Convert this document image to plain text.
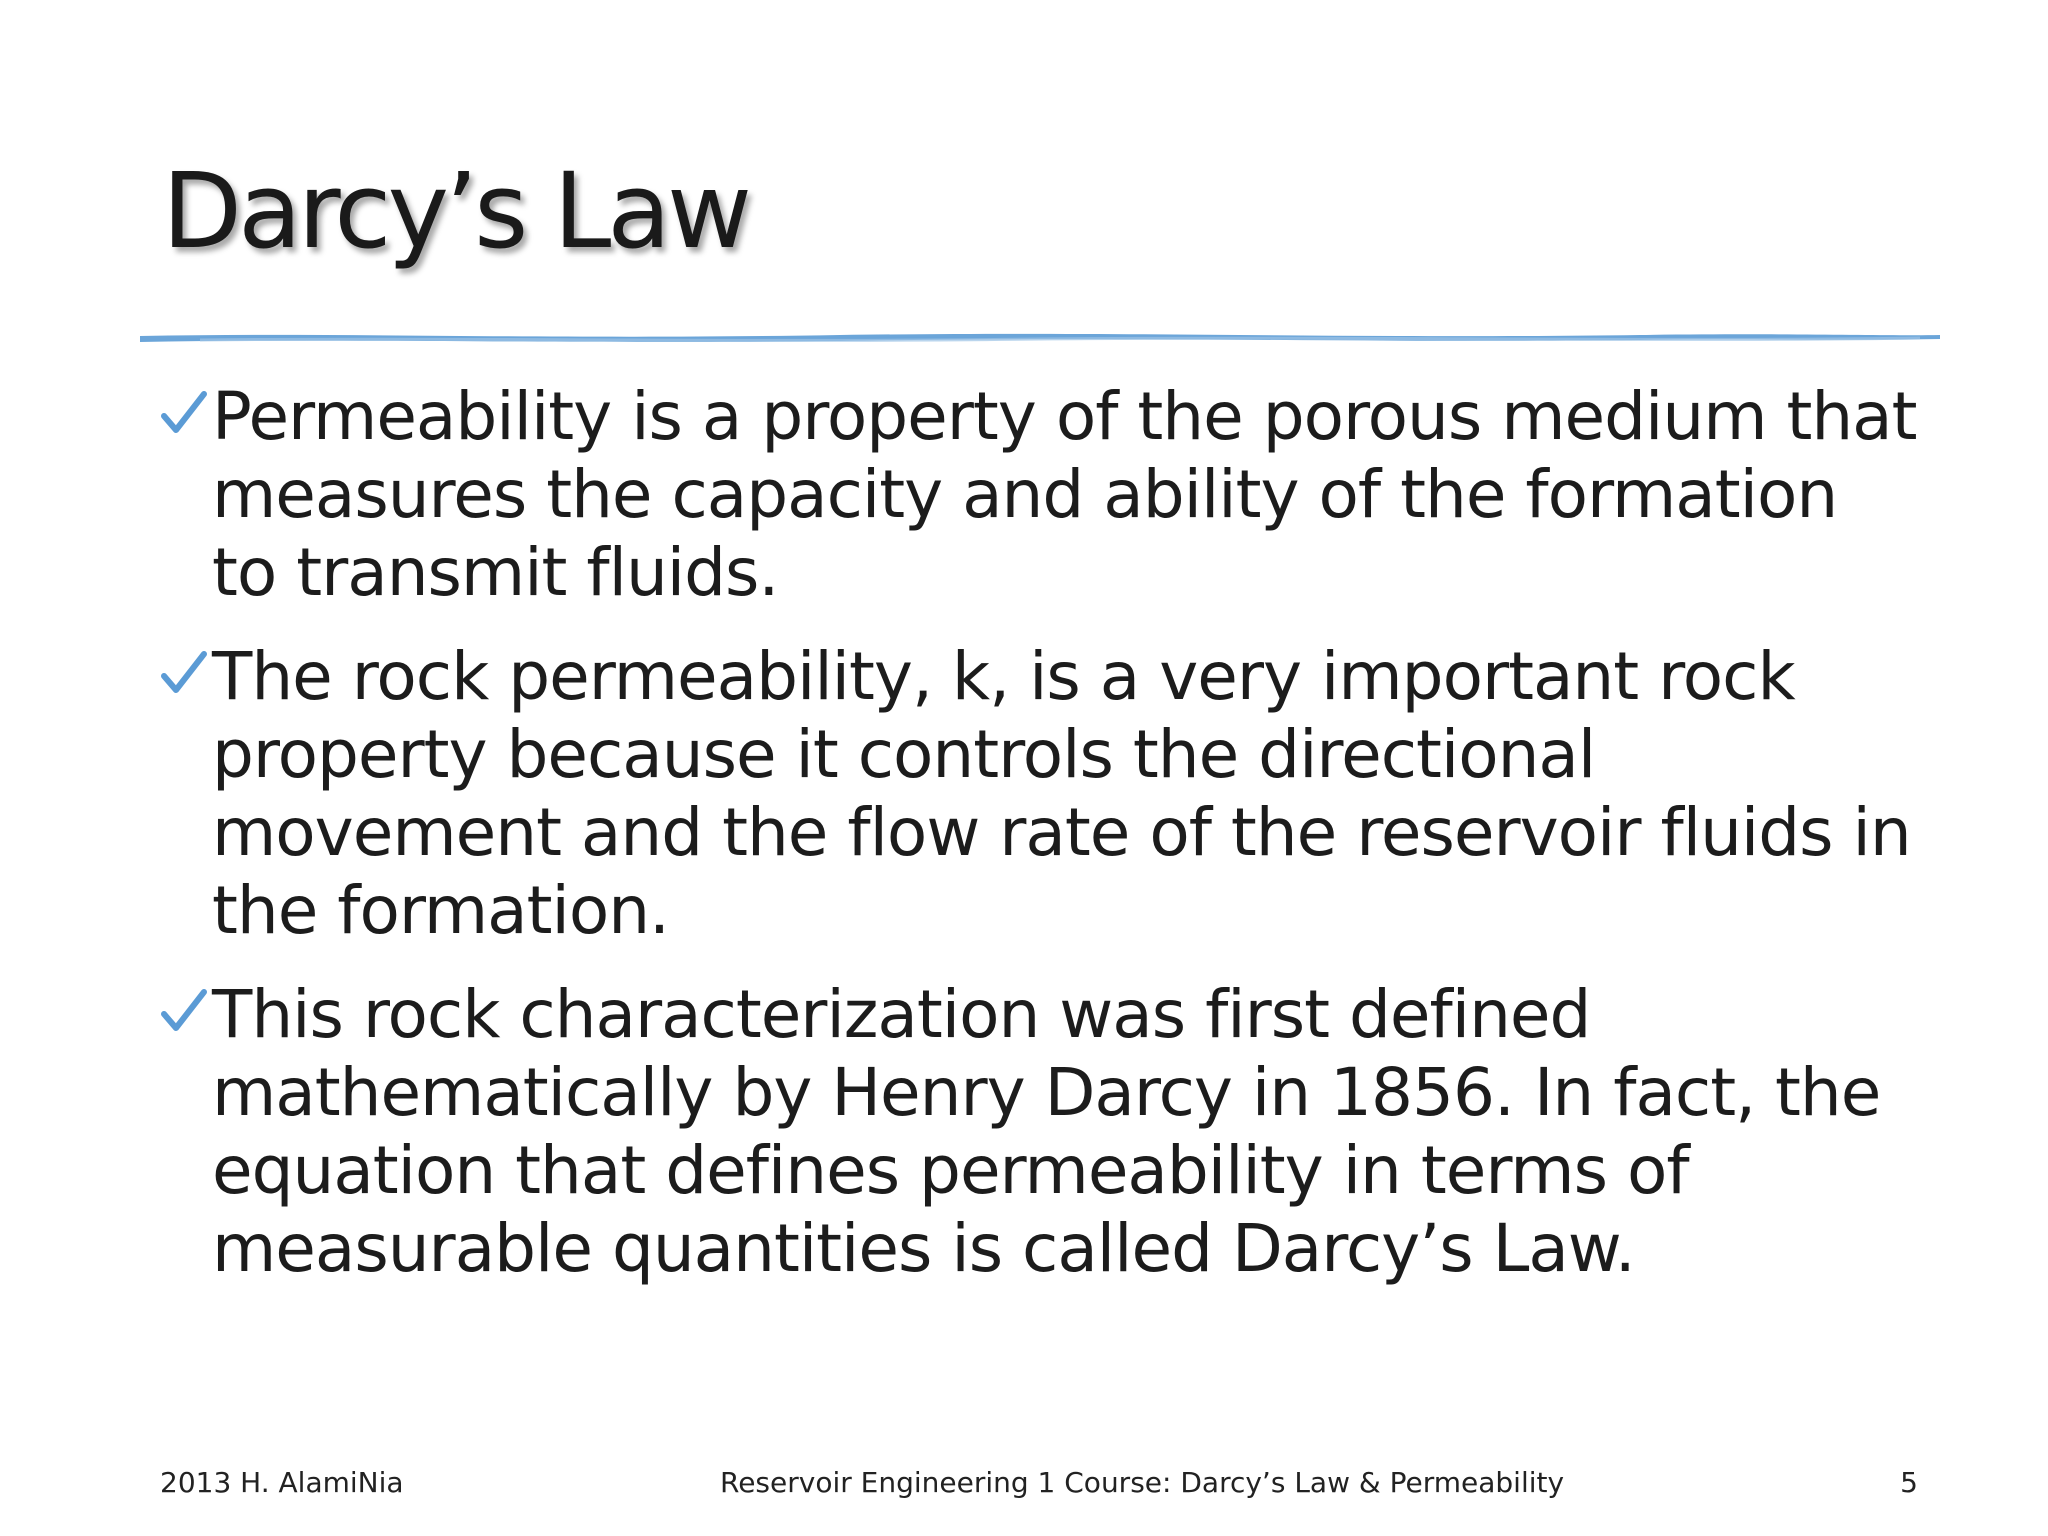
Darcy’s Law
Permeability is a property of the porous medium that measures the capacity and ability of the formation to transmit fluids.
The rock permeability, k, is a very important rock property because it controls the directional movement and the flow rate of the reservoir fluids in the formation.
This rock characterization was first defined mathematically by Henry Darcy in 1856. In fact, the equation that defines permeability in terms of measurable quantities is called Darcy’s Law.
2013 H. AlamiNia	Reservoir Engineering 1 Course: Darcy’s Law & Permeability	5
